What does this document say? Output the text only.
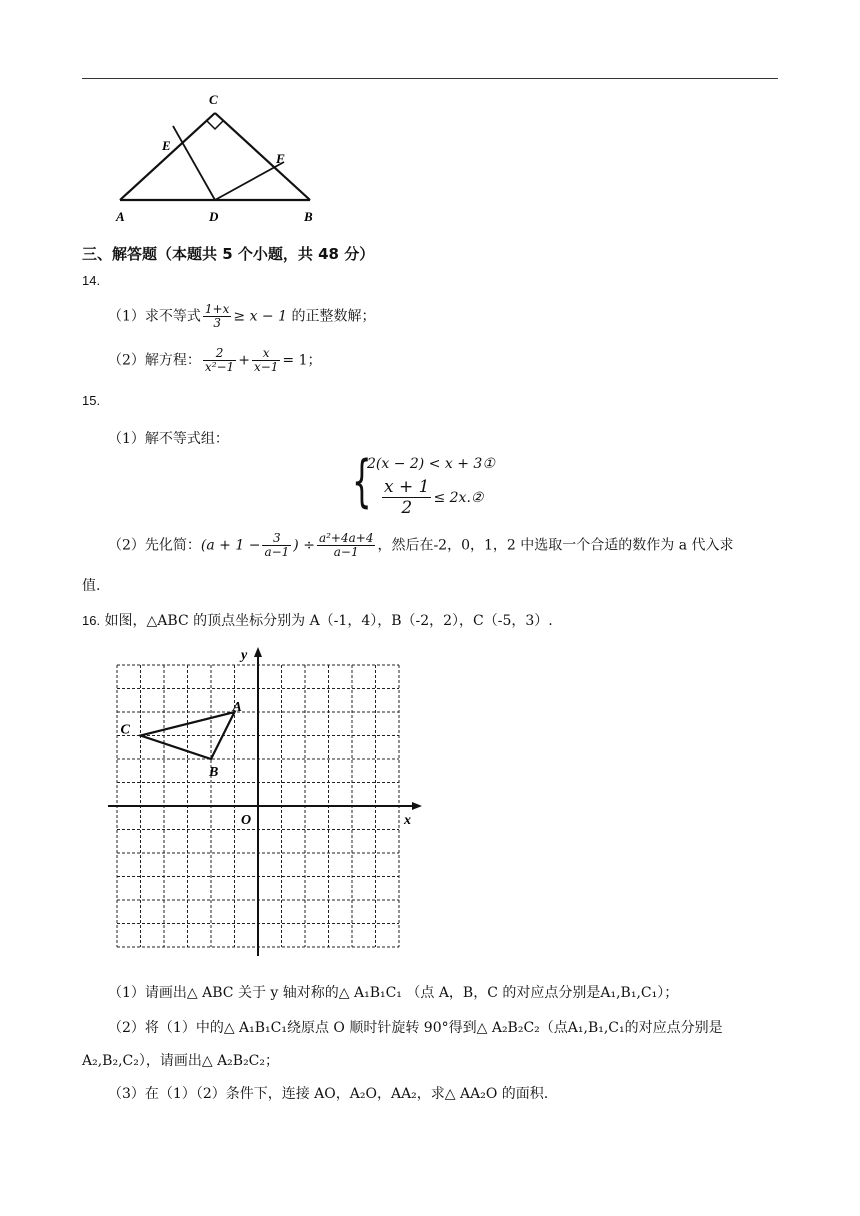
C
E
F
A	D	B
三、解答题（本题共 5 个小题，共 48 分）
14.
（1）求不等式 $\frac{1+x}{3} \ge x - 1$ 的正整数解；
（2）解方程： $\frac{2}{\text{x²−1}} + \frac{x}{x-1} = 1$；
15.
（1）解不等式组：
{
2(x − 2) < x + 3①
$\frac{x + 1}{2}$ ≤ 2x.②
（2）先化简：($a + 1 - \frac{3}{a-1}$ ) ÷ $\frac{\text{a²+4a+4}}{a-1}$ ，然后在-2，0，1，2 中选取一个合适的数作为 a 代入求
值.
16. 如图，△ABC 的顶点坐标分别为 A（-1，4），B（-2，2），C（-5，3）.
y
x
O
A
B
C
（1）请画出△ ABC 关于 y 轴对称的△ A₁B₁C₁ （点 A，B，C 的对应点分别是A₁,B₁,C₁）；
（2）将（1）中的△ A₁B₁C₁绕原点 O 顺时针旋转 90°得到△ A₂B₂C₂（点A₁,B₁,C₁的对应点分别是
A₂,B₂,C₂），请画出△ A₂B₂C₂；
（3）在（1）（2）条件下，连接 AO，A₂O，AA₂，求△ AA₂O 的面积.
